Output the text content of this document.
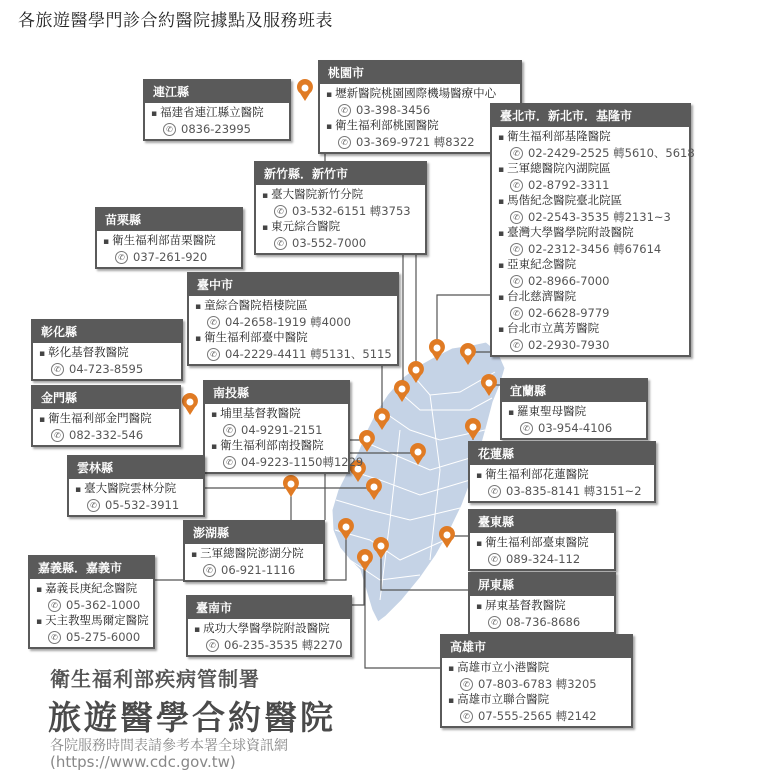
各旅遊醫學門診合約醫院據點及服務班表
連江縣
▪ 福建省連江縣立醫院
✆ 0836-23995
桃園市
▪ 壢新醫院桃園國際機場醫療中心
✆ 03-398-3456
▪ 衛生福利部桃園醫院
✆ 03-369-9721 轉8322
臺北市．新北市．基隆市
▪ 衛生福利部基隆醫院
✆ 02-2429-2525 轉5610、5618
▪ 三軍總醫院內湖院區
✆ 02-8792-3311
▪ 馬偕紀念醫院臺北院區
✆ 02-2543-3535 轉2131~3
▪ 臺灣大學醫學院附設醫院
✆ 02-2312-3456 轉67614
▪ 亞東紀念醫院
✆ 02-8966-7000
▪ 台北慈濟醫院
✆ 02-6628-9779
▪ 台北市立萬芳醫院
✆ 02-2930-7930
新竹縣．新竹市
▪ 臺大醫院新竹分院
✆ 03-532-6151 轉3753
▪ 東元綜合醫院
✆ 03-552-7000
苗栗縣
▪ 衛生福利部苗栗醫院
✆ 037-261-920
臺中市
▪ 童綜合醫院梧棲院區
✆ 04-2658-1919 轉4000
▪ 衛生福利部臺中醫院
✆ 04-2229-4411 轉5131、5115
彰化縣
▪ 彰化基督教醫院
✆ 04-723-8595
金門縣
▪ 衛生福利部金門醫院
✆ 082-332-546
南投縣
▪ 埔里基督教醫院
✆ 04-9291-2151
▪ 衛生福利部南投醫院
✆ 04-9223-1150轉1229
宜蘭縣
▪ 羅東聖母醫院
✆ 03-954-4106
花蓮縣
▪ 衛生福利部花蓮醫院
✆ 03-835-8141 轉3151~2
雲林縣
▪ 臺大醫院雲林分院
✆ 05-532-3911
澎湖縣
▪ 三軍總醫院澎湖分院
✆ 06-921-1116
嘉義縣．嘉義市
▪ 嘉義長庚紀念醫院
✆ 05-362-1000
▪ 天主教聖馬爾定醫院
✆ 05-275-6000
臺南市
▪ 成功大學醫學院附設醫院
✆ 06-235-3535 轉2270
臺東縣
▪ 衛生福利部臺東醫院
✆ 089-324-112
屏東縣
▪ 屏東基督教醫院
✆ 08-736-8686
高雄市
▪ 高雄市立小港醫院
✆ 07-803-6783 轉3205
▪ 高雄市立聯合醫院
✆ 07-555-2565 轉2142
衛生福利部疾病管制署
旅遊醫學合約醫院
各院服務時間表請參考本署全球資訊網
(https://www.cdc.gov.tw)
